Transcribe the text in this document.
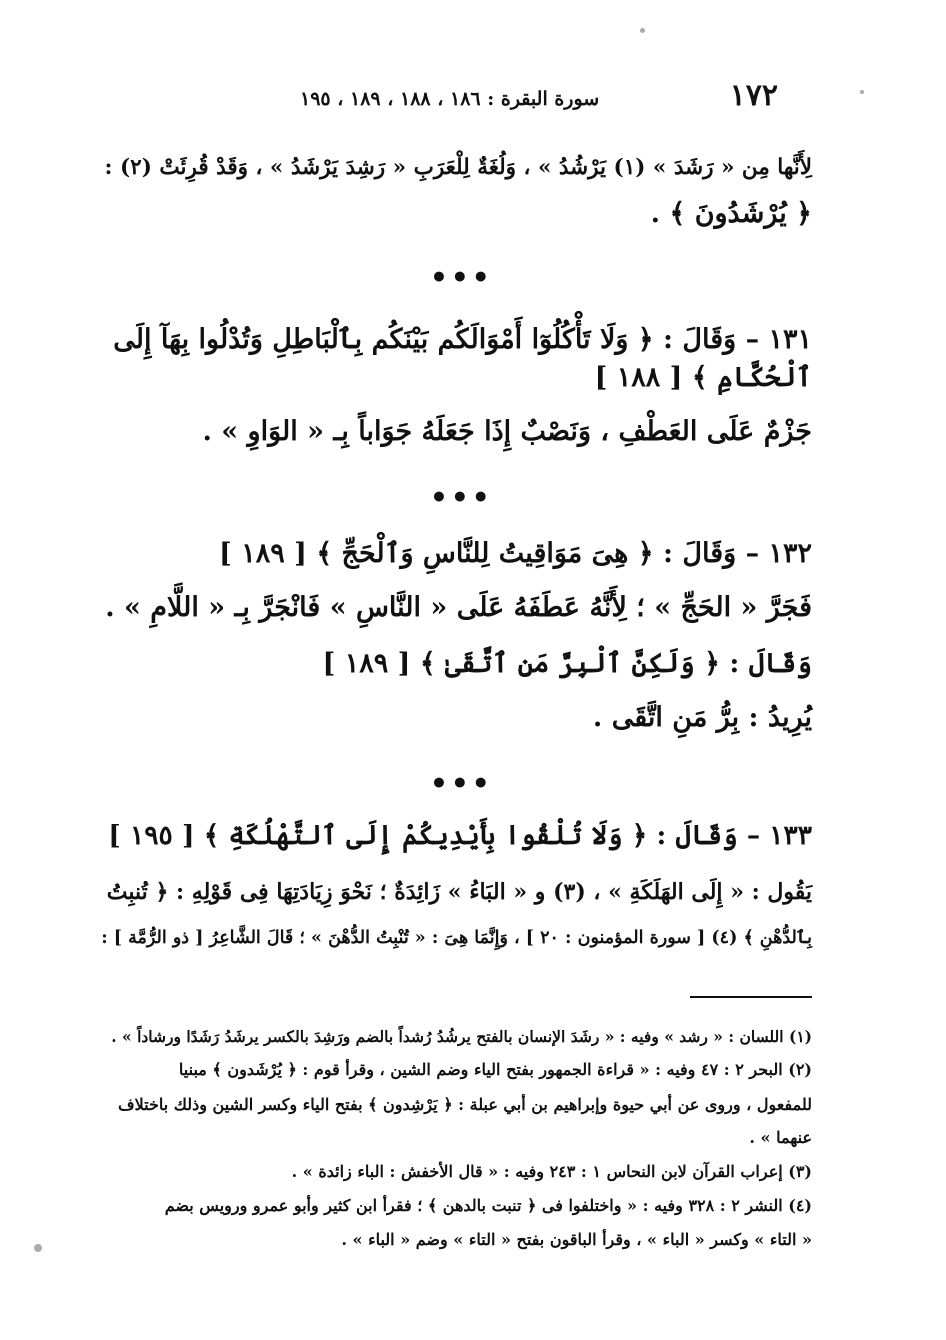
١٧٢
سورة البقرة : ١٨٦ ، ١٨٨ ، ١٨٩ ، ١٩٥
لِأَنَّها مِن « رَشَدَ » (١) يَرْشُدُ » ، وَلُغَةٌ لِلْعَرَبِ « رَشِدَ يَرْشَدُ » ، وَقَدْ قُرِئَتْ (٢) :
﴿ يُرْشَدُونَ ﴾ .
•••
١٣١ – وَقَالَ : ﴿ وَلَا تَأْكُلُوٓا أَمْوَالَكُم بَيْنَكُم بِٱلْبَاطِلِ وَتُدْلُوا بِهَآ إِلَى
ٱلْحُكَّامِ ﴾ [ ١٨٨ ]
جَزْمٌ عَلَى العَطْفِ ، وَنَصْبٌ إِذَا جَعَلَهُ جَوَاباً بِـ « الوَاوِ » .
•••
١٣٢ – وَقَالَ : ﴿ هِىَ مَوَاقِيتُ لِلنَّاسِ وَٱلْحَجِّ ﴾ [ ١٨٩ ]
فَجَرَّ « الحَجِّ » ؛ لِأَنَّهُ عَطَفَهُ عَلَى « النَّاسِ » فَانْجَرَّ بِـ « اللَّامِ » .
وَقَالَ : ﴿ وَلَكِنَّ ٱلْبِرَّ مَنِ ٱتَّقَىٰ ﴾ [ ١٨٩ ]
يُرِيدُ : بِرُّ مَنِ اتَّقَى .
•••
١٣٣ – وَقَالَ : ﴿ وَلَا تُلْقُوا بِأَيْدِيكُمْ إِلَى ٱلتَّهْلُكَةِ ﴾ [ ١٩٥ ]
يَقُول : « إِلَى الهَلَكَةِ » ، (٣) و « البَاءُ » زَائِدَةٌ ؛ نَحْوَ زِيَادَتِهَا فِى قَوْلِهِ : ﴿ تُنبِتُ
بِٱلدُّهْنِ ﴾ (٤) [ سورة المؤمنون : ٢٠ ] ، وَإِنَّمَا هِىَ : « تُنْبِتُ الدُّهْنَ » ؛ قَالَ الشَّاعِرُ [ ذو الرُّمَّة ] :
(١) اللسان : « رشد » وفيه : « رشَدَ الإنسان بالفتح يرشُدُ رُشداً بالضم ورَشِدَ بالكسر يرشَدُ رَشَدًا ورشاداً » .
(٢) البحر ٢ : ٤٧ وفيه : « قراءة الجمهور بفتح الياء وضم الشين ، وقرأ قوم : ﴿ يُرْشَدون ﴾ مبنيا
للمفعول ، وروى عن أبي حيوة وإبراهيم بن أبي عبلة : ﴿ يَرْشِدون ﴾ بفتح الياء وكسر الشين وذلك باختلاف
عنهما » .
(٣) إعراب القرآن لابن النحاس ١ : ٢٤٣ وفيه : « قال الأخفش : الباء زائدة » .
(٤) النشر ٢ : ٣٢٨ وفيه : « واختلفوا فى ﴿ تنبت بالدهن ﴾ ؛ فقرأ ابن كثير وأبو عمرو ورويس بضم
« التاء » وكسر « الباء » ، وقرأ الباقون بفتح « التاء » وضم « الباء » .
